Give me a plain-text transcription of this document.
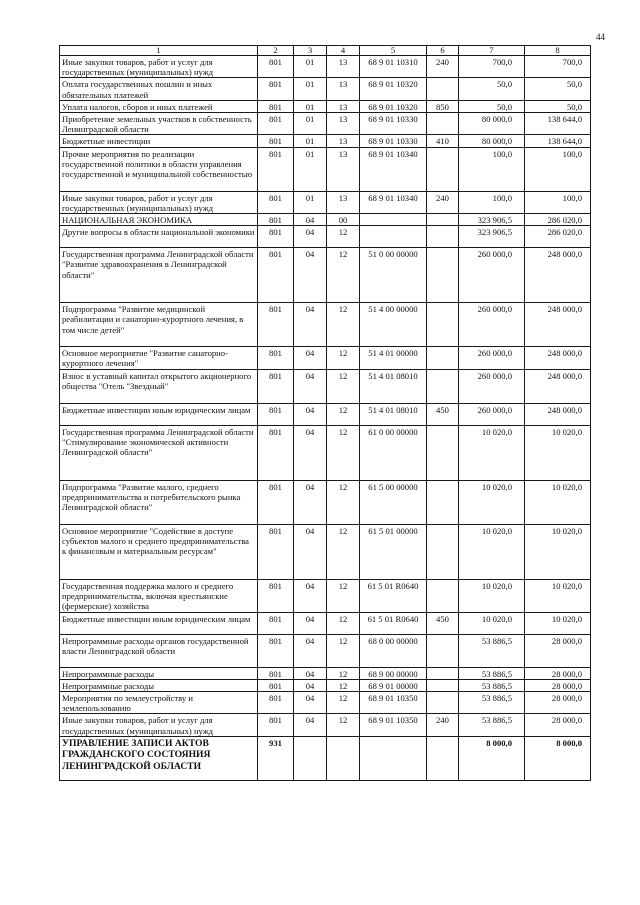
44
1	2	3	4	5	6	7	8
Иные закупки товаров, работ и услуг для государственных (муниципальных) нужд	801	01	13	68 9 01 10310	240	700,0	700,0
Оплата государственных пошлин и иных обязательных платежей	801	01	13	68 9 01 10320		50,0	50,0
Уплата налогов, сборов и иных платежей	801	01	13	68 9 01 10320	850	50,0	50,0
Приобретение земельных участков в собственность Ленинградской области	801	01	13	68 9 01 10330		80 000,0	138 644,0
Бюджетные инвестиции	801	01	13	68 9 01 10330	410	80 000,0	138 644,0
Прочие мероприятия по реализации государственной политики в области управления государственной и муниципальной собственностью	801	01	13	68 9 01 10340		100,0	100,0
Иные закупки товаров, работ и услуг для государственных (муниципальных) нужд	801	01	13	68 9 01 10340	240	100,0	100,0
НАЦИОНАЛЬНАЯ ЭКОНОМИКА	801	04	00			323 906,5	286 020,0
Другие вопросы в области национальной экономики	801	04	12			323 906,5	286 020,0
Государственная программа Ленинградской области "Развитие здравоохранения в Ленинградской области"	801	04	12	51 0 00 00000		260 000,0	248 000,0
Подпрограмма "Развитие медицинской реабилитации и санаторно-курортного лечения, в том числе детей"	801	04	12	51 4 00 00000		260 000,0	248 000,0
Основное мероприятие "Развитие санаторно-курортного лечения"	801	04	12	51 4 01 00000		260 000,0	248 000,0
Взнос в уставный капитал открытого акционерного общества "Отель "Звездный"	801	04	12	51 4 01 08010		260 000,0	248 000,0
Бюджетные инвестиции иным юридическим лицам	801	04	12	51 4 01 08010	450	260 000,0	248 000,0
Государственная программа Ленинградской области "Стимулирование экономической активности Ленинградской области"	801	04	12	61 0 00 00000		10 020,0	10 020,0
Подпрограмма "Развитие малого, среднего предпринимательства и потребительского рынка Ленинградской области"	801	04	12	61 5 00 00000		10 020,0	10 020,0
Основное мероприятие "Содействие в доступе субъектов малого и среднего предпринимательства к финансовым и материальным ресурсам"	801	04	12	61 5 01 00000		10 020,0	10 020,0
Государственная поддержка малого и среднего предпринимательства, включая крестьянские (фермерские) хозяйства	801	04	12	61 5 01 R0640		10 020,0	10 020,0
Бюджетные инвестиции иным юридическим лицам	801	04	12	61 5 01 R0640	450	10 020,0	10 020,0
Непрограммные расходы органов государственной власти Ленинградской области	801	04	12	68 0 00 00000		53 886,5	28 000,0
Непрограммные расходы	801	04	12	68 9 00 00000		53 886,5	28 000,0
Непрограммные расходы	801	04	12	68 9 01 00000		53 886,5	28 000,0
Мероприятия по землеустройству и землепользованию	801	04	12	68 9 01 10350		53 886,5	28 000,0
Иные закупки товаров, работ и услуг для государственных (муниципальных) нужд	801	04	12	68 9 01 10350	240	53 886,5	28 000,0
УПРАВЛЕНИЕ ЗАПИСИ АКТОВ ГРАЖДАНСКОГО СОСТОЯНИЯ ЛЕНИНГРАДСКОЙ ОБЛАСТИ	931					8 000,0	8 000,0
